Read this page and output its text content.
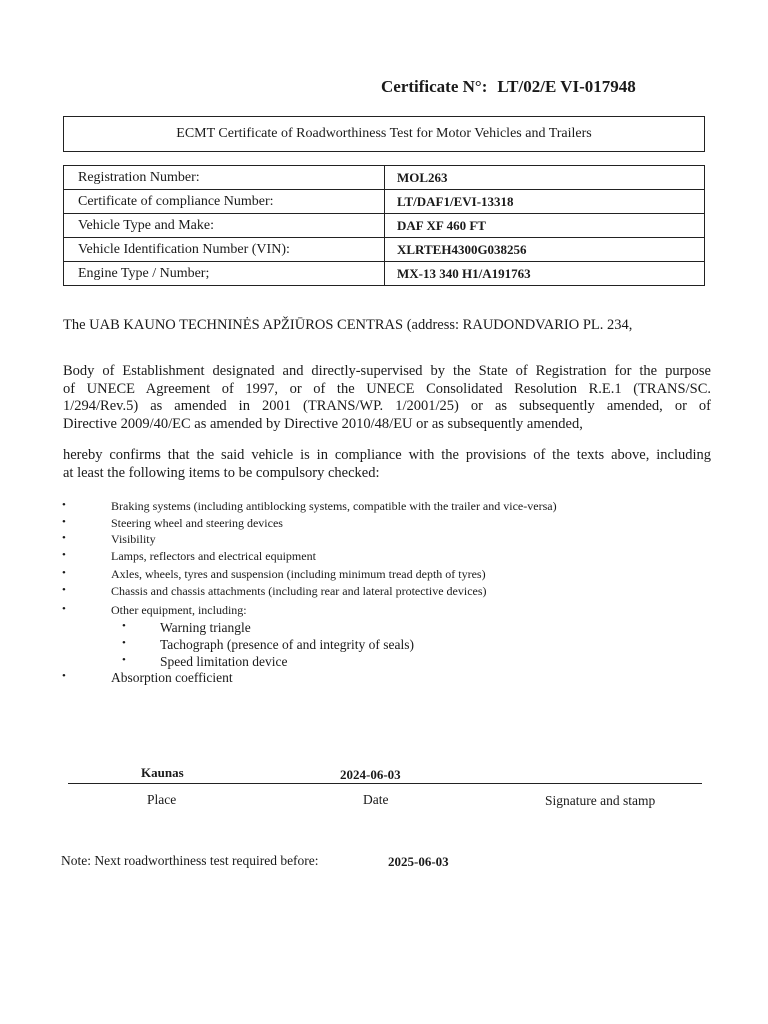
Certificate N°: LT/02/E VI-017948
ECMT Certificate of Roadworthiness Test for Motor Vehicles and Trailers
Registration Number:	MOL263
Certificate of compliance Number:	LT/DAF1/EVI-13318
Vehicle Type and Make:	DAF XF 460 FT
Vehicle Identification Number (VIN):	XLRTEH4300G038256
Engine Type / Number;	MX-13 340 H1/A191763
The UAB KAUNO TECHNINĖS APŽIŪROS CENTRAS (address: RAUDONDVARIO PL. 234,
Body of Establishment designated and directly-supervised by the State of Registration for the purpose
of UNECE Agreement of 1997, or of the UNECE Consolidated Resolution R.E.1 (TRANS/SC.
1/294/Rev.5) as amended in 2001 (TRANS/WP. 1/2001/25) or as subsequently amended, or of
Directive 2009/40/EC as amended by Directive 2010/48/EU or as subsequently amended,
hereby confirms that the said vehicle is in compliance with the provisions of the texts above, including
at least the following items to be compulsory checked:
•	Braking systems (including antiblocking systems, compatible with the trailer and vice-versa)
•	Steering wheel and steering devices
•	Visibility
•	Lamps, reflectors and electrical equipment
•	Axles, wheels, tyres and suspension (including minimum tread depth of tyres)
•	Chassis and chassis attachments (including rear and lateral protective devices)
•	Other equipment, including:
•	Warning triangle
•	Tachograph (presence of and integrity of seals)
•	Speed limitation device
•	Absorption coefficient
Kaunas	2024-06-03
Place	Date	Signature and stamp
Note: Next roadworthiness test required before:	2025-06-03
